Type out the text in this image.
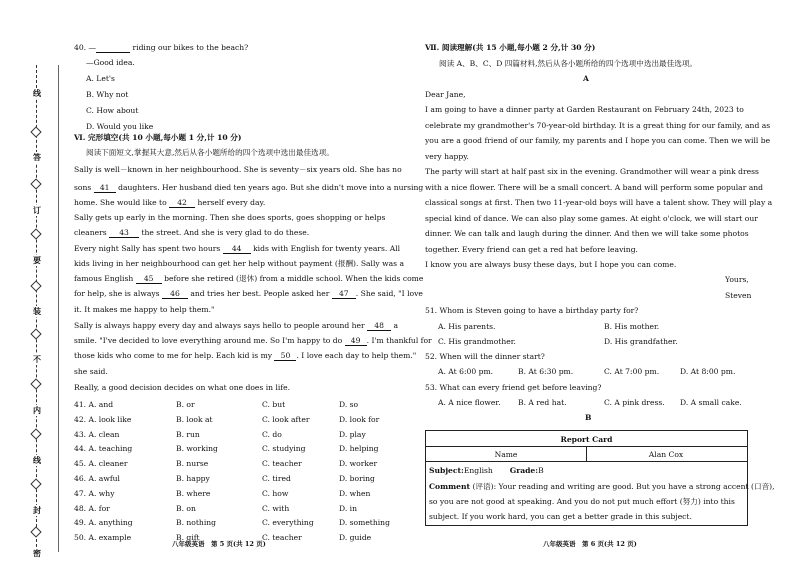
线
答
订
要
装
不
内
线
封
密
40. —	riding our bikes to the beach?
—Good idea.
A. Let's
B. Why not
C. How about
D. Would you like
Ⅵ. 完形填空(共 10 小题,每小题 1 分,计 10 分)
阅读下面短文,掌握其大意,然后从各小题所给的四个选项中选出最佳选项。
Sally is well－known in her neighbourhood. She is seventy－six years old. She has no
sons 41 daughters. Her husband died ten years ago. But she didn't move into a nursing
home. She would like to 42 herself every day.
Sally gets up early in the morning. Then she does sports, goes shopping or helps
cleaners 43 the street. And she is very glad to do these.
Every night Sally has spent two hours 44 kids with English for twenty years. All
kids living in her neighbourhood can get her help without payment (报酬). Sally was a
famous English 45 before she retired (退休) from a middle school. When the kids come
for help, she is always 46 and tries her best. People asked her 47 . She said, "I love
it. It makes me happy to help them."
Sally is always happy every day and always says hello to people around her 48 a
smile. "I've decided to love everything around me. So I'm happy to do 49 . I'm thankful for
those kids who come to me for help. Each kid is my 50 . I love each day to help them."
she said.
Really, a good decision decides on what one does in life.
41. A. and	B. or	C. but	D. so
42. A. look like	B. look at	C. look after	D. look for
43. A. clean	B. run	C. do	D. play
44. A. teaching	B. working	C. studying	D. helping
45. A. cleaner	B. nurse	C. teacher	D. worker
46. A. awful	B. happy	C. tired	D. boring
47. A. why	B. where	C. how	D. when
48. A. for	B. on	C. with	D. in
49. A. anything	B. nothing	C. everything	D. something
50. A. example	B. gift	C. teacher	D. guide
八年级英语　第 5 页(共 12 页)
Ⅶ. 阅读理解(共 15 小题,每小题 2 分,计 30 分)
阅读 A、B、C、D 四篇材料,然后从各小题所给的四个选项中选出最佳选项。
A
Dear Jane,
I am going to have a dinner party at Garden Restaurant on February 24th, 2023 to
celebrate my grandmother's 70-year-old birthday. It is a great thing for our family, and as
you are a good friend of our family, my parents and I hope you can come. Then we will be
very happy.
The party will start at half past six in the evening. Grandmother will wear a pink dress
with a nice flower. There will be a small concert. A band will perform some popular and
classical songs at first. Then two 11-year-old boys will have a talent show. They will play a
special kind of dance. We can also play some games. At eight o'clock, we will start our
dinner. We can talk and laugh during the dinner. And then we will take some photos
together. Every friend can get a red hat before leaving.
I know you are always busy these days, but I hope you can come.
Yours,
Steven
51. Whom is Steven going to have a birthday party for?
A. His parents.	B. His mother.
C. His grandmother.	D. His grandfather.
52. When will the dinner start?
A. At 6:00 pm.	B. At 6:30 pm.	C. At 7:00 pm.	D. At 8:00 pm.
53. What can every friend get before leaving?
A. A nice flower. B. A red hat.	C. A pink dress. D. A small cake.
B
Report Card
Name	Alan Cox
Subject:English Grade:B
Comment (评语): Your reading and writing are good. But you have a strong accent (口音),
so you are not good at speaking. And you do not put much effort (努力) into this
subject. If you work hard, you can get a better grade in this subject.
八年级英语　第 6 页(共 12 页)
